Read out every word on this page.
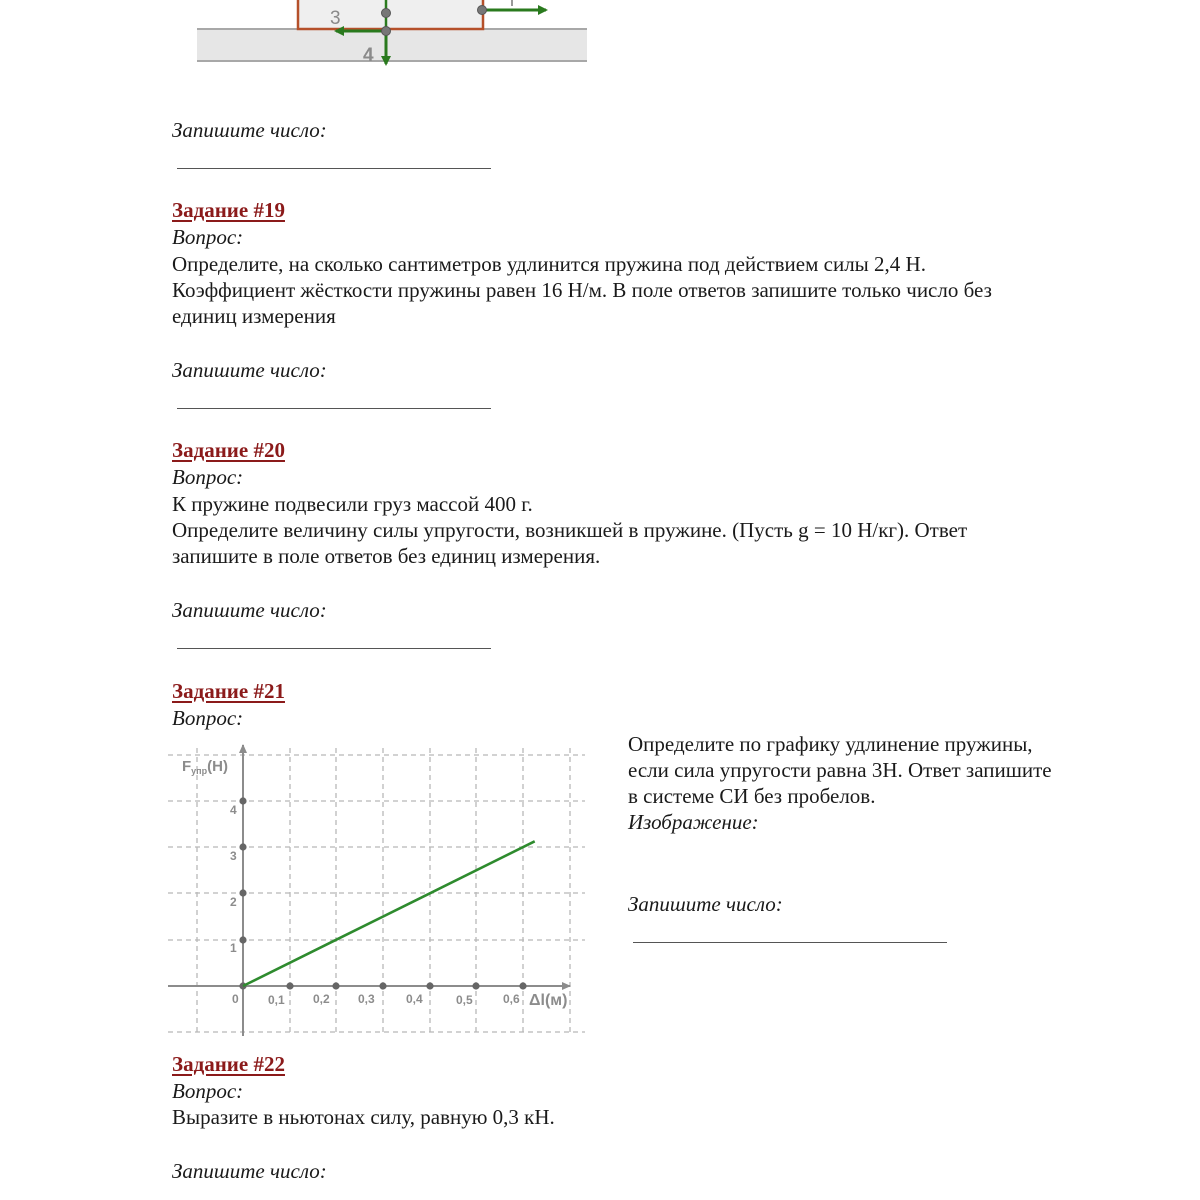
3
4
Запишите число:
Задание #19
Вопрос:
Определите, на сколько сантиметров удлинится пружина под действием силы 2,4 Н.
Коэффициент жёсткости пружины равен 16 Н/м. В поле ответов запишите только число без
единиц измерения
Запишите число:
Задание #20
Вопрос:
К пружине подвесили груз массой 400 г.
Определите величину силы упругости, возникшей в пружине. (Пусть g = 10 Н/кг). Ответ
запишите в поле ответов без единиц измерения.
Запишите число:
Задание #21
Вопрос:
1
2
3
4
0 0,1 0,2 0,3	0,4	0,5	0,6 Δl(м)
$F_{упр}(Н)$
Определите по графику удлинение пружины,
если сила упругости равна 3Н. Ответ запишите
в системе СИ без пробелов.
Изображение:
Запишите число:
Задание #22
Вопрос:
Выразите в ньютонах силу, равную 0,3 кН.
Запишите число:
